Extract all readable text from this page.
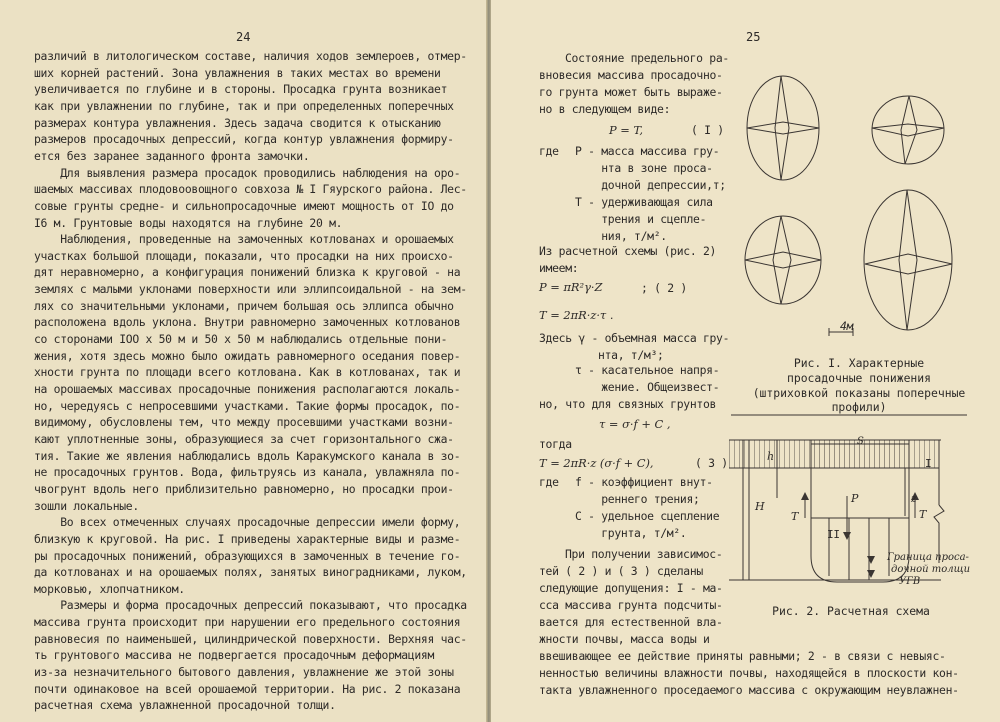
24
различий в литологическом составе, наличия ходов землероев, отмер-
ших корней растений. Зона увлажнения в таких местах во времени
увеличивается по глубине и в стороны. Просадка грунта возникает
как при увлажнении по глубине, так и при определенных поперечных
размерах контура увлажнения. Здесь задача сводится к отысканию
размеров просадочных депрессий, когда контур увлажнения формиру-
ется без заранее заданного фронта замочки.
Для выявления размера просадок проводились наблюдения на оро-
шаемых массивах плодовоовощного совхоза № I Гяурского района. Лес-
совые грунты средне- и сильнопросадочные имеют мощность от IO до
I6 м. Грунтовые воды находятся на глубине 20 м.
Наблюдения, проведенные на замоченных котлованах и орошаемых
участках большой площади, показали, что просадки на них происхо-
дят неравномерно, а конфигурация понижений близка к круговой - на
землях с малыми уклонами поверхности или эллипсоидальной - на зем-
лях со значительными уклонами, причем большая ось эллипса обычно
расположена вдоль уклона. Внутри равномерно замоченных котлованов
со сторонами IOO х 50 м и 50 х 50 м наблюдались отдельные пони-
жения, хотя здесь можно было ожидать равномерного оседания повер-
хности грунта по площади всего котлована. Как в котлованах, так и
на орошаемых массивах просадочные понижения располагаются локаль-
но, чередуясь с непросевшими участками. Такие формы просадок, по-
видимому, обусловлены тем, что между просевшими участками возни-
кают уплотненные зоны, образующиеся за счет горизонтального сжа-
тия. Такие же явления наблюдались вдоль Каракумского канала в зо-
не просадочных грунтов. Вода, фильтруясь из канала, увлажняла по-
чвогрунт вдоль него приблизительно равномерно, но просадки прои-
зошли локальные.
Во всех отмеченных случаях просадочные депрессии имели форму,
близкую к круговой. На рис. I приведены характерные виды и разме-
ры просадочных понижений, образующихся в замоченных в течение го-
да котлованах и на орошаемых полях, занятых виноградниками, луком,
морковью, хлопчатником.
Размеры и форма просадочных депрессий показывают, что просадка
массива грунта происходит при нарушении его предельного состояния
равновесия по наименьшей, цилиндрической поверхности. Верхняя час-
ть грунтового массива не подвергается просадочным деформациям
из-за незначительного бытового давления, увлажнение же этой зоны
почти одинаковое на всей орошаемой территории. На рис. 2 показана
расчетная схема увлажненной просадочной толщи.
25
Состояние предельного ра-
вновесия массива просадочно-
го грунта может быть выраже-
но в следующем виде:
P = T,	( I )
где P - масса массива гру-
нта в зоне проса-
дочной депрессии,т;
T - удерживающая сила
трения и сцепле-
ния, т/м².
Из расчетной схемы (рис. 2)
имеем:
P = πR²γ·Z	; ( 2 )
T = 2πR·z·τ .
Здесь γ - объемная масса гру-
нта, т/м³;
τ - касательное напря-
жение. Общеизвест-
но, что для связных грунтов
τ = σ·f + C ,
тогда
T = 2πR·z (σ·f + C),	( 3 )
где f - коэффициент внут-
реннего трения;
C - удельное сцепление
грунта, т/м².
При получении зависимос-
тей ( 2 ) и ( 3 ) сделаны
следующие допущения: I - ма-
сса массива грунта подсчиты-
вается для естественной вла-
жности почвы, масса воды и
ввешивающее ее действие приняты равными; 2 - в связи с невыяс-
ненностью величины влажности почвы, находящейся в плоскости кон-
такта увлажненного проседаемого массива с окружающим неувлажнен-
4м
Рис. I. Характерные
просадочные понижения
(штриховкой показаны поперечные
профили)
S
h
I
H
T
P	z
T
II
Граница проса-
дочной толщи
УГВ
Рис. 2. Расчетная схема
